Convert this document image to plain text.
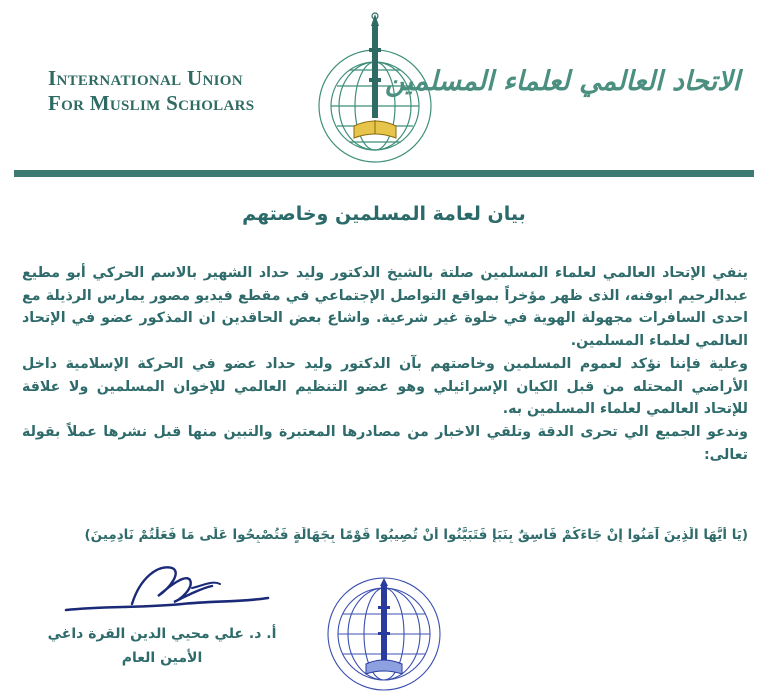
International Union
For Muslim Scholars
الاتحاد العالمي لعلماء المسلمين
بيان لعامة المسلمين وخاصتهم

ينفي الإتحاد العالمي لعلماء المسلمين صلتة بالشيخ الدكتور وليد حداد الشهير بالاسم الحركي أبو مطيع عبدالرحيم ابوفنه، الذى ظهر مؤخراً بمواقع التواصل الإجتماعي في مقطع فيديو مصور يمارس الرذيلة مع احدى السافرات مجهولة الهوية في خلوة غير شرعية. واشاع بعض الحاقدين ان المذكور عضو في الإتحاد العالمي لعلماء المسلمين.

وعلية فإننا نؤكد لعموم المسلمين وخاصتهم بآن الدكتور وليد حداد عضو في الحركة الإسلامية داخل الأراضي المحتله من قبل الكيان الإسرائيلي وهو عضو التنظيم العالمي للإخوان المسلمين ولا علاقة للإتحاد العالمي لعلماء المسلمين به.

وندعو الجميع الي تحرى الدقة وتلقي الاخبار من مصادرها المعتبرة والتبين منها قبل نشرها عملاً بقولة تعالى:

(يَا أَيُّهَا الَّذِينَ آمَنُوا إِنْ جَاءَكُمْ فَاسِقٌ بِنَبَإٍ فَتَبَيَّنُوا أَنْ تُصِيبُوا قَوْمًا بِجَهَالَةٍ فَتُصْبِحُوا عَلَى مَا فَعَلْتُمْ نَادِمِينَ)
أ. د. علي محيي الدين القرة داغي
الأمين العام
